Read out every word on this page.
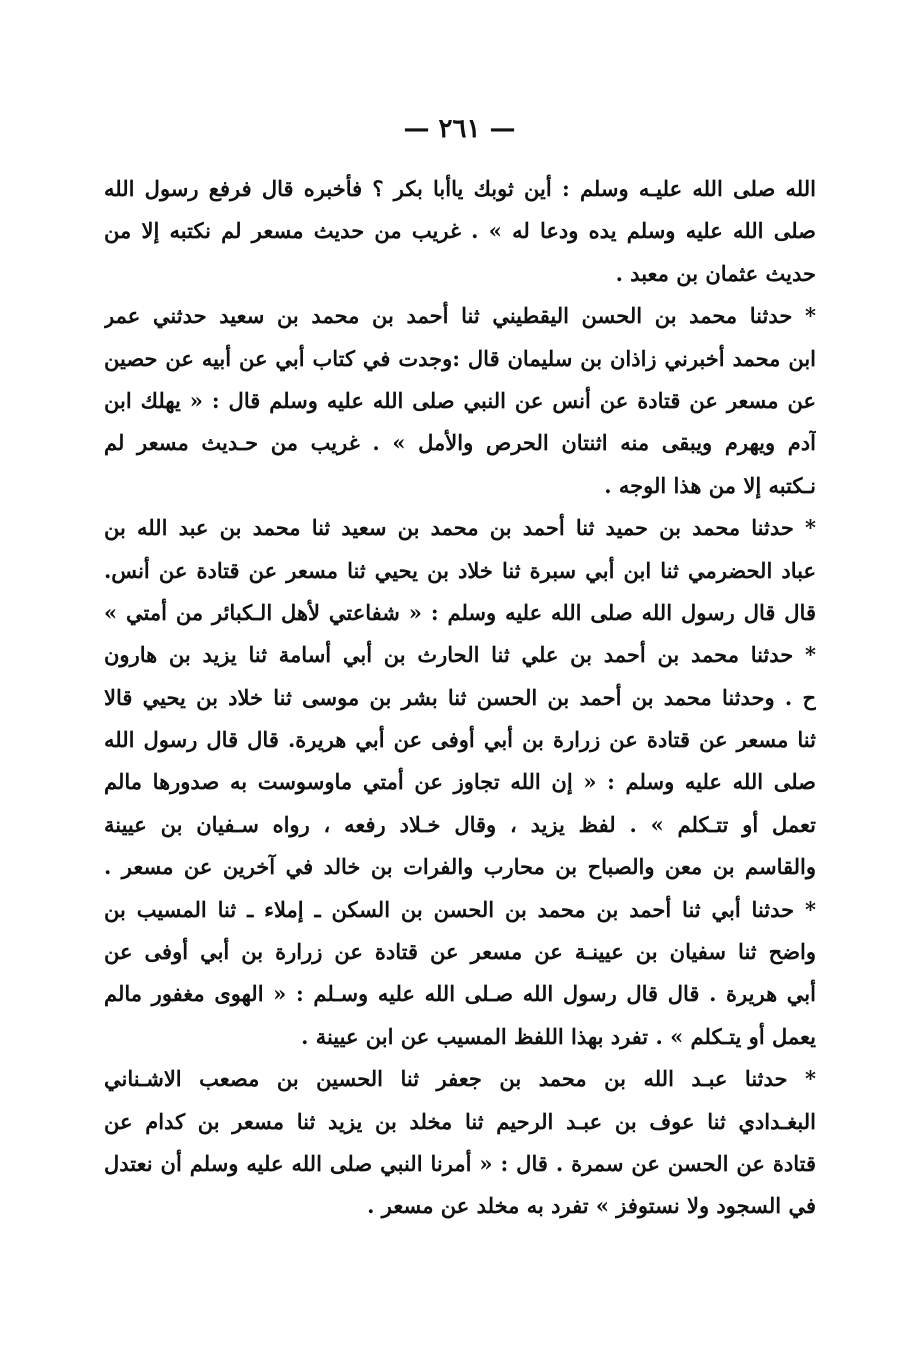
— ٢٦١ —
الله صلى الله عليـه وسلم : أين ثوبك ياأبا بكر ؟ فأخبره قال فرفع رسول الله
صلى الله عليه وسلم يده ودعا له » . غريب من حديث مسعر لم نكتبه إلا من
حديث عثمان بن معبد .
* حدثنا محمد بن الحسن اليقطيني ثنا أحمد بن محمد بن سعيد حدثني عمر
ابن محمد أخبرني زاذان بن سليمان قال :وجدت في كتاب أبي عن أبيه عن حصين
عن مسعر عن قتادة عن أنس عن النبي صلى الله عليه وسلم قال : « يهلك ابن
آدم ويهرم ويبقى منه اثنتان الحرص والأمل » . غريب من حـديث مسعر لم
نـكتبه إلا من هذا الوجه .
* حدثنا محمد بن حميد ثنا أحمد بن محمد بن سعيد ثنا محمد بن عبد الله بن
عباد الحضرمي ثنا ابن أبي سبرة ثنا خلاد بن يحيي ثنا مسعر عن قتادة عن أنس.
قال قال رسول الله صلى الله عليه وسلم : « شفاعتي لأهل الـكبائر من أمتي »
* حدثنا محمد بن أحمد بن علي ثنا الحارث بن أبي أسامة ثنا يزيد بن هارون
ح . وحدثنا محمد بن أحمد بن الحسن ثنا بشر بن موسى ثنا خلاد بن يحيي قالا
ثنا مسعر عن قتادة عن زرارة بن أبي أوفى عن أبي هريرة. قال قال رسول الله
صلى الله عليه وسلم : « إن الله تجاوز عن أمتي ماوسوست به صدورها مالم
تعمل أو تتـكلم » . لفظ يزيد ، وقال خـلاد رفعه ، رواه سـفيان بن عيينة
والقاسم بن معن والصباح بن محارب والفرات بن خالد في آخرين عن مسعر .
* حدثنا أبي ثنا أحمد بن محمد بن الحسن بن السكن ـ إملاء ـ ثنا المسيب بن
واضح ثنا سفيان بن عيينـة عن مسعر عن قتادة عن زرارة بن أبي أوفى عن
أبي هريرة . قال قال رسول الله صـلى الله عليه وسـلم : « الهوى مغفور مالم
يعمل أو يتـكلم » . تفرد بهذا اللفظ المسيب عن ابن عيينة .
* حدثنا عبـد الله بن محمد بن جعفر ثنا الحسين بن مصعب الاشـناني
البغـدادي ثنا عوف بن عبـد الرحيم ثنا مخلد بن يزيد ثنا مسعر بن كدام عن
قتادة عن الحسن عن سمرة . قال : « أمرنا النبي صلى الله عليه وسلم أن نعتدل
في السجود ولا نستوفز » تفرد به مخلد عن مسعر .
